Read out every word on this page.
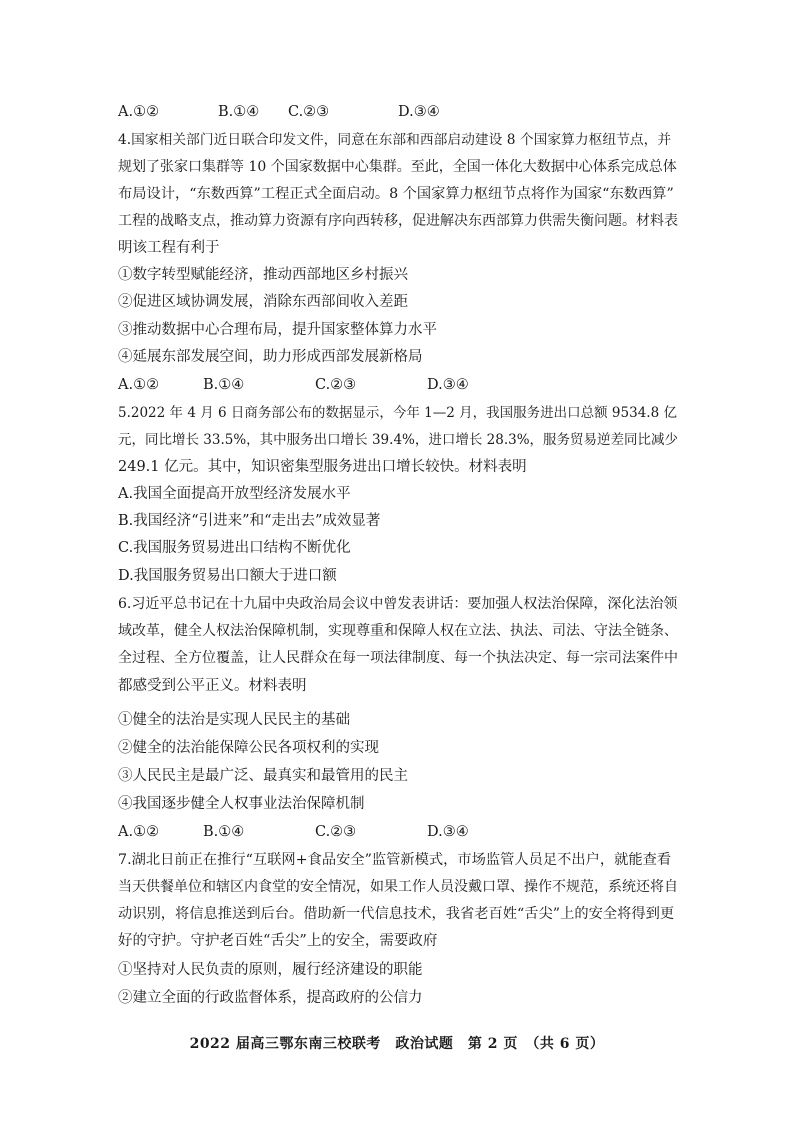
A.①②	B.①④ C.②③	D.③④
4.国家相关部门近日联合印发文件，同意在东部和西部启动建设 8 个国家算力枢纽节点，并
规划了张家口集群等 10 个国家数据中心集群。至此，全国一体化大数据中心体系完成总体
布局设计，“东数西算”工程正式全面启动。8 个国家算力枢纽节点将作为国家“东数西算”
工程的战略支点，推动算力资源有序向西转移，促进解决东西部算力供需失衡问题。材料表
明该工程有利于
①数字转型赋能经济，推动西部地区乡村振兴
②促进区域协调发展，消除东西部间收入差距
③推动数据中心合理布局，提升国家整体算力水平
④延展东部发展空间，助力形成西部发展新格局
A.①②	B.①④	C.②③	D.③④
5.2022 年 4 月 6 日商务部公布的数据显示，今年 1—2 月，我国服务进出口总额 9534.8 亿
元，同比增长 33.5%，其中服务出口增长 39.4%，进口增长 28.3%，服务贸易逆差同比减少
249.1 亿元。其中，知识密集型服务进出口增长较快。材料表明
A.我国全面提高开放型经济发展水平
B.我国经济“引进来”和“走出去”成效显著
C.我国服务贸易进出口结构不断优化
D.我国服务贸易出口额大于进口额
6.习近平总书记在十九届中央政治局会议中曾发表讲话：要加强人权法治保障，深化法治领
域改革，健全人权法治保障机制，实现尊重和保障人权在立法、执法、司法、守法全链条、
全过程、全方位覆盖，让人民群众在每一项法律制度、每一个执法决定、每一宗司法案件中
都感受到公平正义。材料表明
①健全的法治是实现人民民主的基础
②健全的法治能保障公民各项权利的实现
③人民民主是最广泛、最真实和最管用的民主
④我国逐步健全人权事业法治保障机制
A.①②	B.①④	C.②③	D.③④
7.湖北日前正在推行“互联网+食品安全”监管新模式，市场监管人员足不出户，就能查看
当天供餐单位和辖区内食堂的安全情况，如果工作人员没戴口罩、操作不规范，系统还将自
动识别，将信息推送到后台。借助新一代信息技术，我省老百姓“舌尖”上的安全将得到更
好的守护。守护老百姓“舌尖”上的安全，需要政府
①坚持对人民负责的原则，履行经济建设的职能
②建立全面的行政监督体系，提高政府的公信力
2022 届高三鄂东南三校联考　政治试题　第 2 页　（共 6 页）
